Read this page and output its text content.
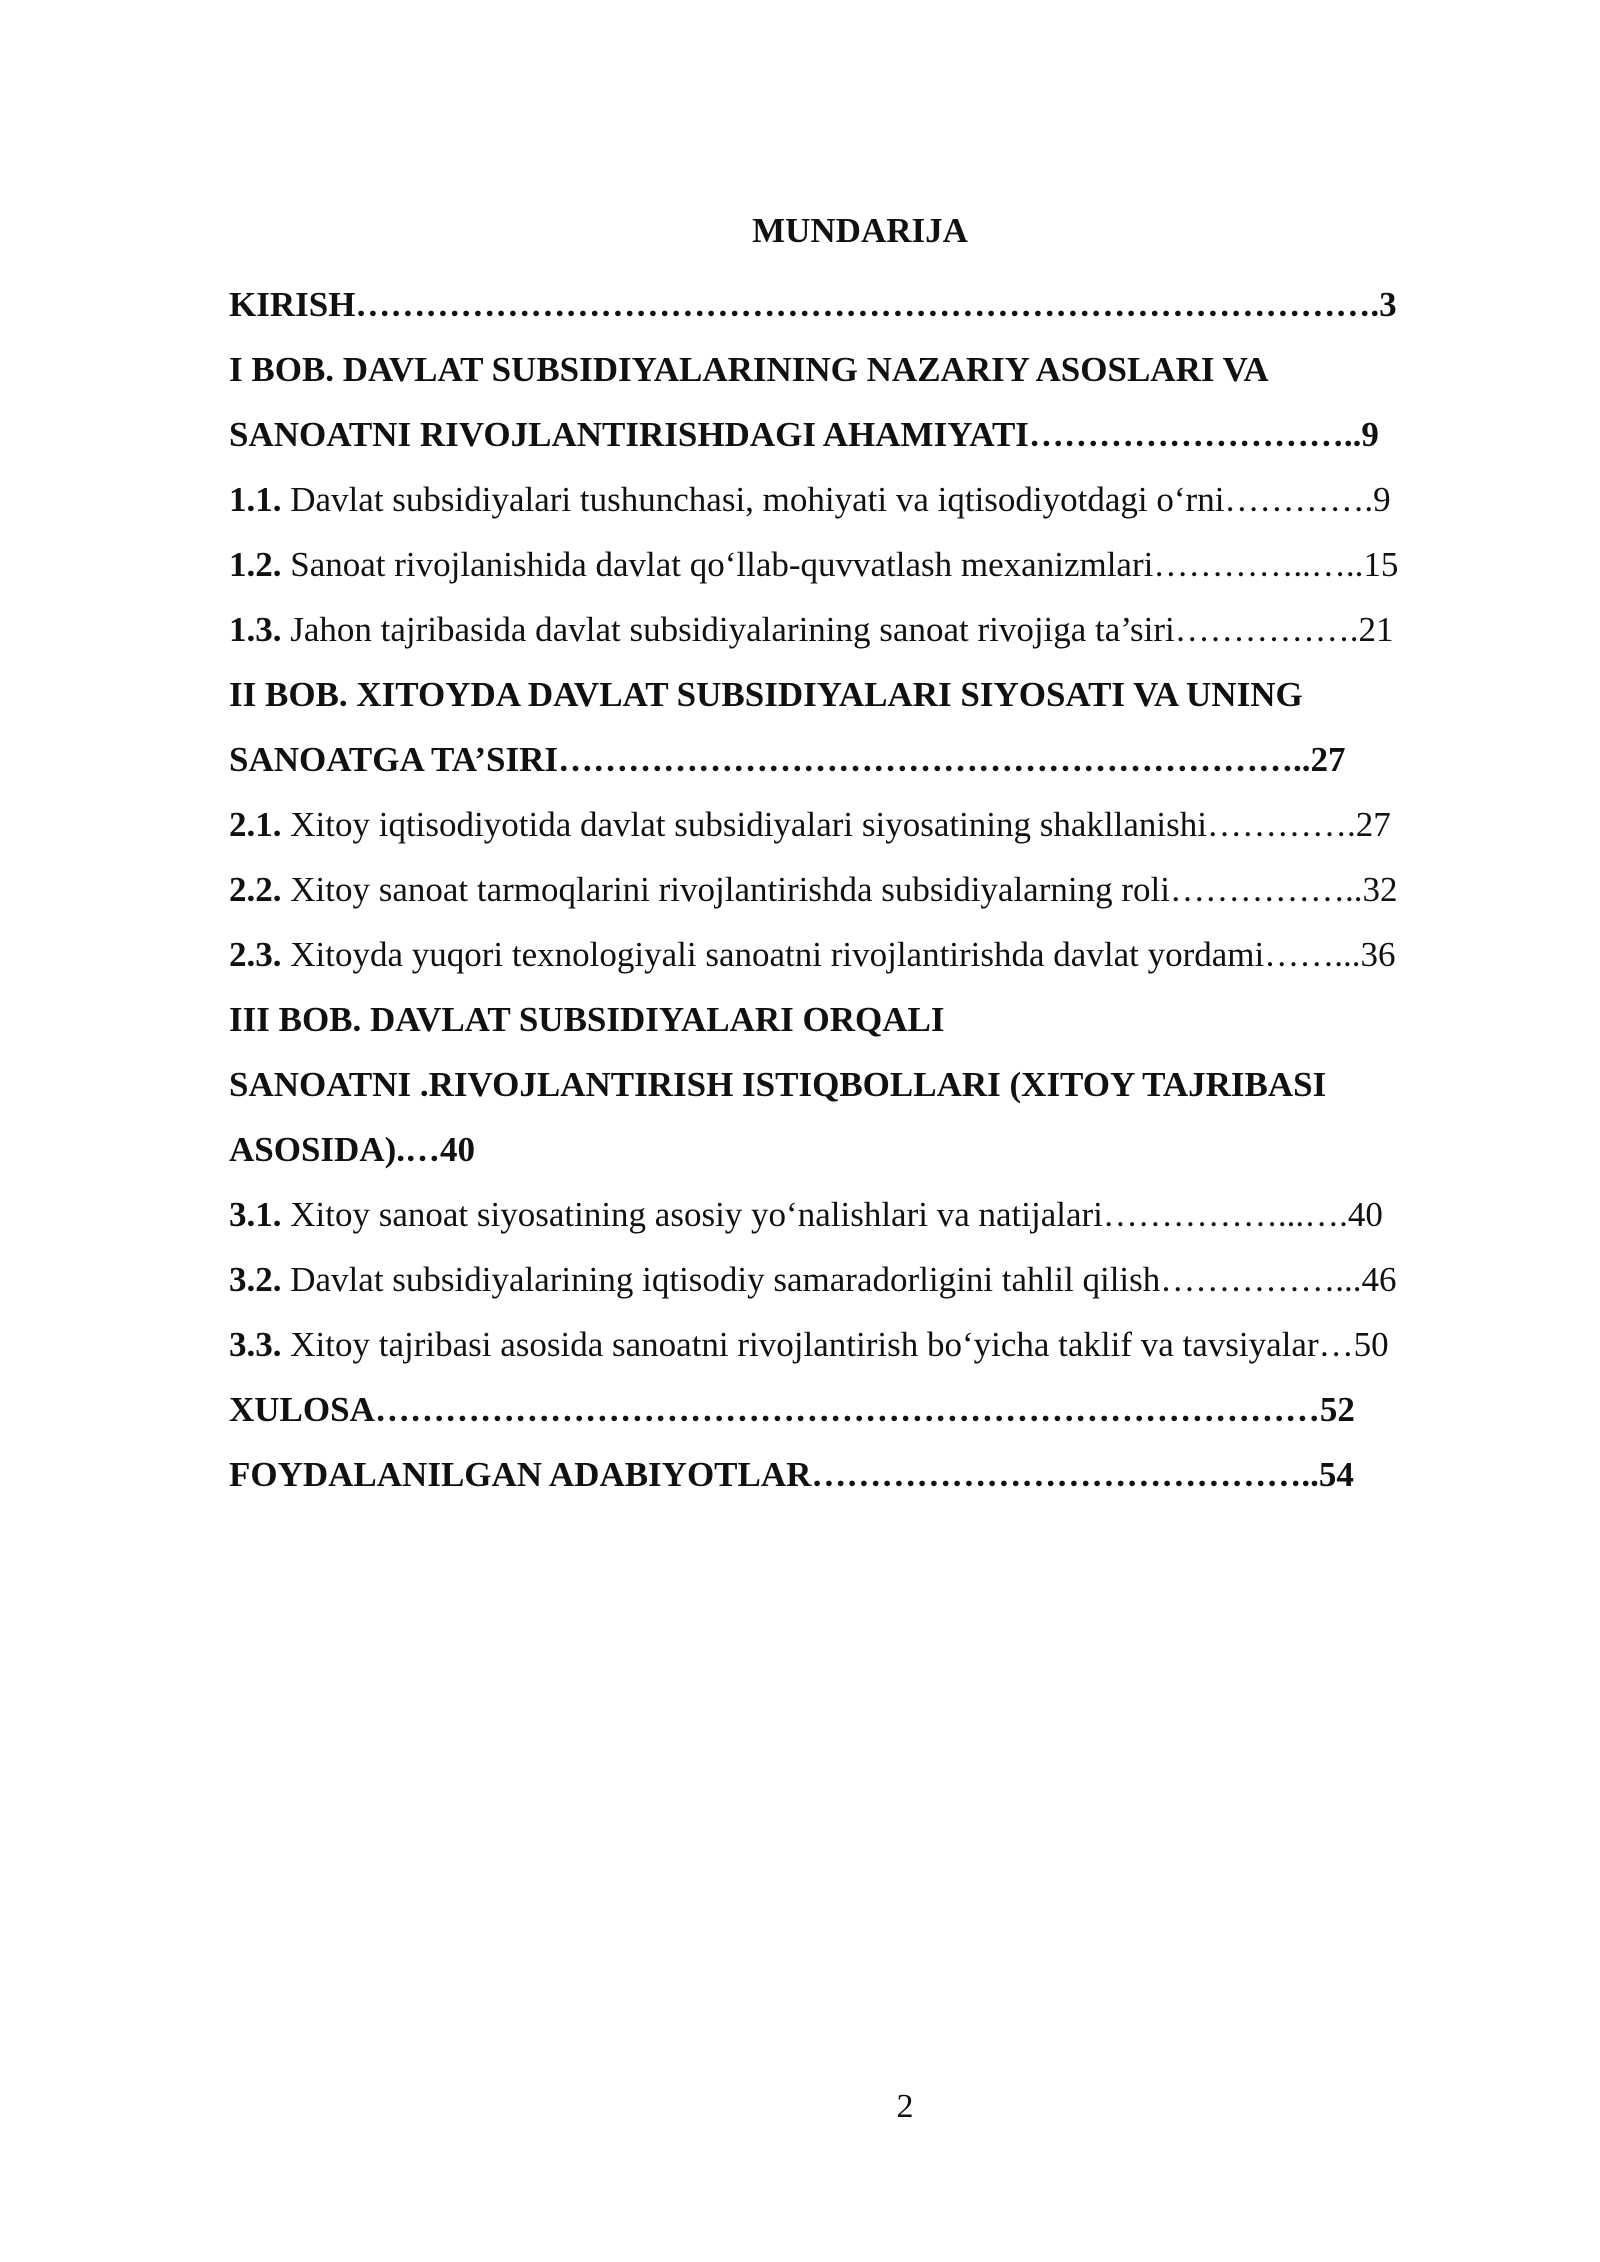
MUNDARIJA
KIRISH…………………………………………………………………………….3
I BOB. DAVLAT SUBSIDIYALARINING NAZARIY ASOSLARI VA
SANOATNI RIVOJLANTIRISHDAGI AHAMIYATI………………………..9
1.1. Davlat subsidiyalari tushunchasi, mohiyati va iqtisodiyotdagi o‘rni………….9
1.2. Sanoat rivojlanishida davlat qo‘llab-quvvatlash mexanizmlari…………..…..15
1.3. Jahon tajribasida davlat subsidiyalarining sanoat rivojiga ta’siri…………….21
II BOB. XITOYDA DAVLAT SUBSIDIYALARI SIYOSATI VA UNING
SANOATGA TA’SIRI………………………………………………………..27
2.1. Xitoy iqtisodiyotida davlat subsidiyalari siyosatining shakllanishi………….27
2.2. Xitoy sanoat tarmoqlarini rivojlantirishda subsidiyalarning roli……………..32
2.3. Xitoyda yuqori texnologiyali sanoatni rivojlantirishda davlat yordami……...36
III BOB. DAVLAT SUBSIDIYALARI ORQALI
SANOATNI .RIVOJLANTIRISH ISTIQBOLLARI (XITOY TAJRIBASI
ASOSIDA).…40
3.1. Xitoy sanoat siyosatining asosiy yo‘nalishlari va natijalari……………...….40
3.2. Davlat subsidiyalarining iqtisodiy samaradorligini tahlil qilish……………...46
3.3. Xitoy tajribasi asosida sanoatni rivojlantirish bo‘yicha taklif va tavsiyalar…50
XULOSA………………………………………………………………………52
FOYDALANILGAN ADABIYOTLAR……………………………………..54
2
